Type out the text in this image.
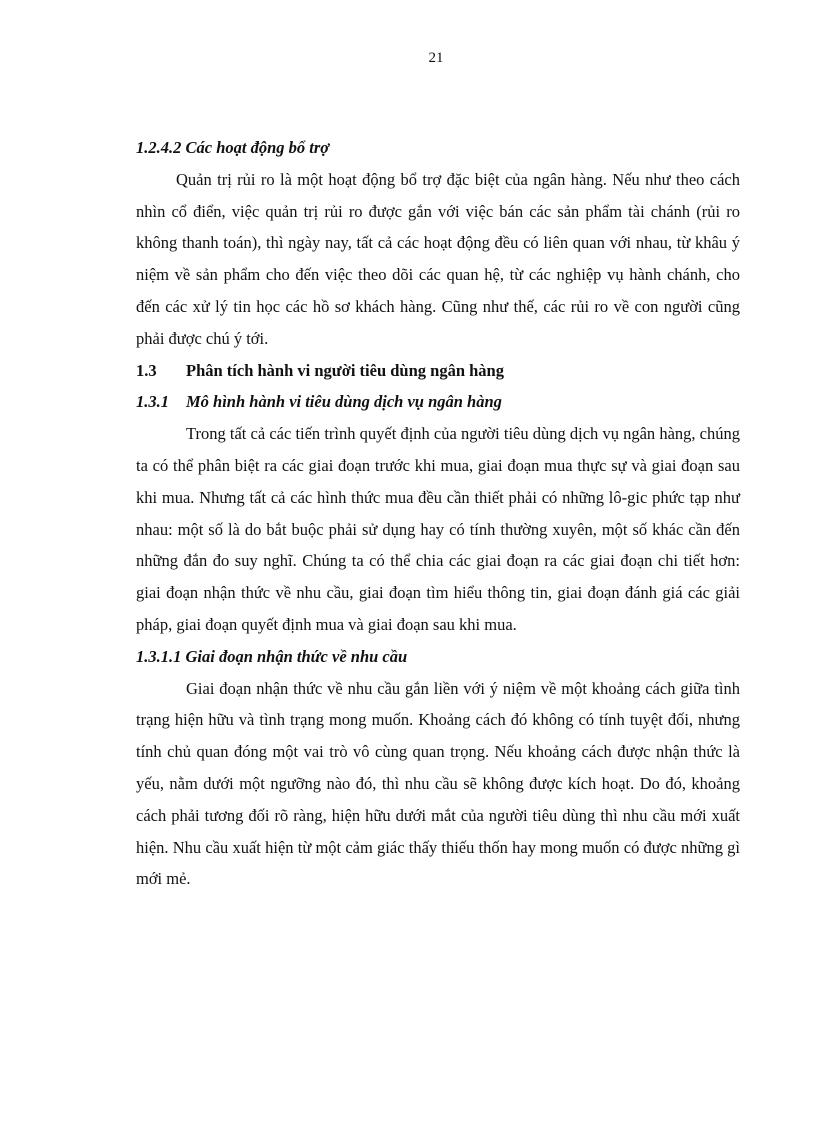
21

1.2.4.2 Các hoạt động bổ trợ

Quản trị rủi ro là một hoạt động bổ trợ đặc biệt của ngân hàng. Nếu như theo cách nhìn cổ điển, việc quản trị rủi ro được gắn với việc bán các sản phẩm tài chánh (rủi ro không thanh toán), thì ngày nay, tất cả các hoạt động đều có liên quan với nhau, từ khâu ý niệm về sản phẩm cho đến việc theo dõi các quan hệ, từ các nghiệp vụ hành chánh, cho đến các xử lý tin học các hồ sơ khách hàng. Cũng như thế, các rủi ro về con người cũng phải được chú ý tới.

1.3 Phân tích hành vi người tiêu dùng ngân hàng

1.3.1 Mô hình hành vi tiêu dùng dịch vụ ngân hàng

Trong tất cả các tiến trình quyết định của người tiêu dùng dịch vụ ngân hàng, chúng ta có thể phân biệt ra các giai đoạn trước khi mua, giai đoạn mua thực sự và giai đoạn sau khi mua. Nhưng tất cả các hình thức mua đều cần thiết phải có những lô-gic phức tạp như nhau: một số là do bắt buộc phải sử dụng hay có tính thường xuyên, một số khác cần đến những đắn đo suy nghĩ. Chúng ta có thể chia các giai đoạn ra các giai đoạn chi tiết hơn: giai đoạn nhận thức về nhu cầu, giai đoạn tìm hiểu thông tin, giai đoạn đánh giá các giải pháp, giai đoạn quyết định mua và giai đoạn sau khi mua.

1.3.1.1 Giai đoạn nhận thức về nhu cầu

Giai đoạn nhận thức về nhu cầu gắn liền với ý niệm về một khoảng cách giữa tình trạng hiện hữu và tình trạng mong muốn. Khoảng cách đó không có tính tuyệt đối, nhưng tính chủ quan đóng một vai trò vô cùng quan trọng. Nếu khoảng cách được nhận thức là yếu, nằm dưới một ngưỡng nào đó, thì nhu cầu sẽ không được kích hoạt. Do đó, khoảng cách phải tương đối rõ ràng, hiện hữu dưới mắt của người tiêu dùng thì nhu cầu mới xuất hiện. Nhu cầu xuất hiện từ một cảm giác thấy thiếu thốn hay mong muốn có được những gì mới mẻ.
